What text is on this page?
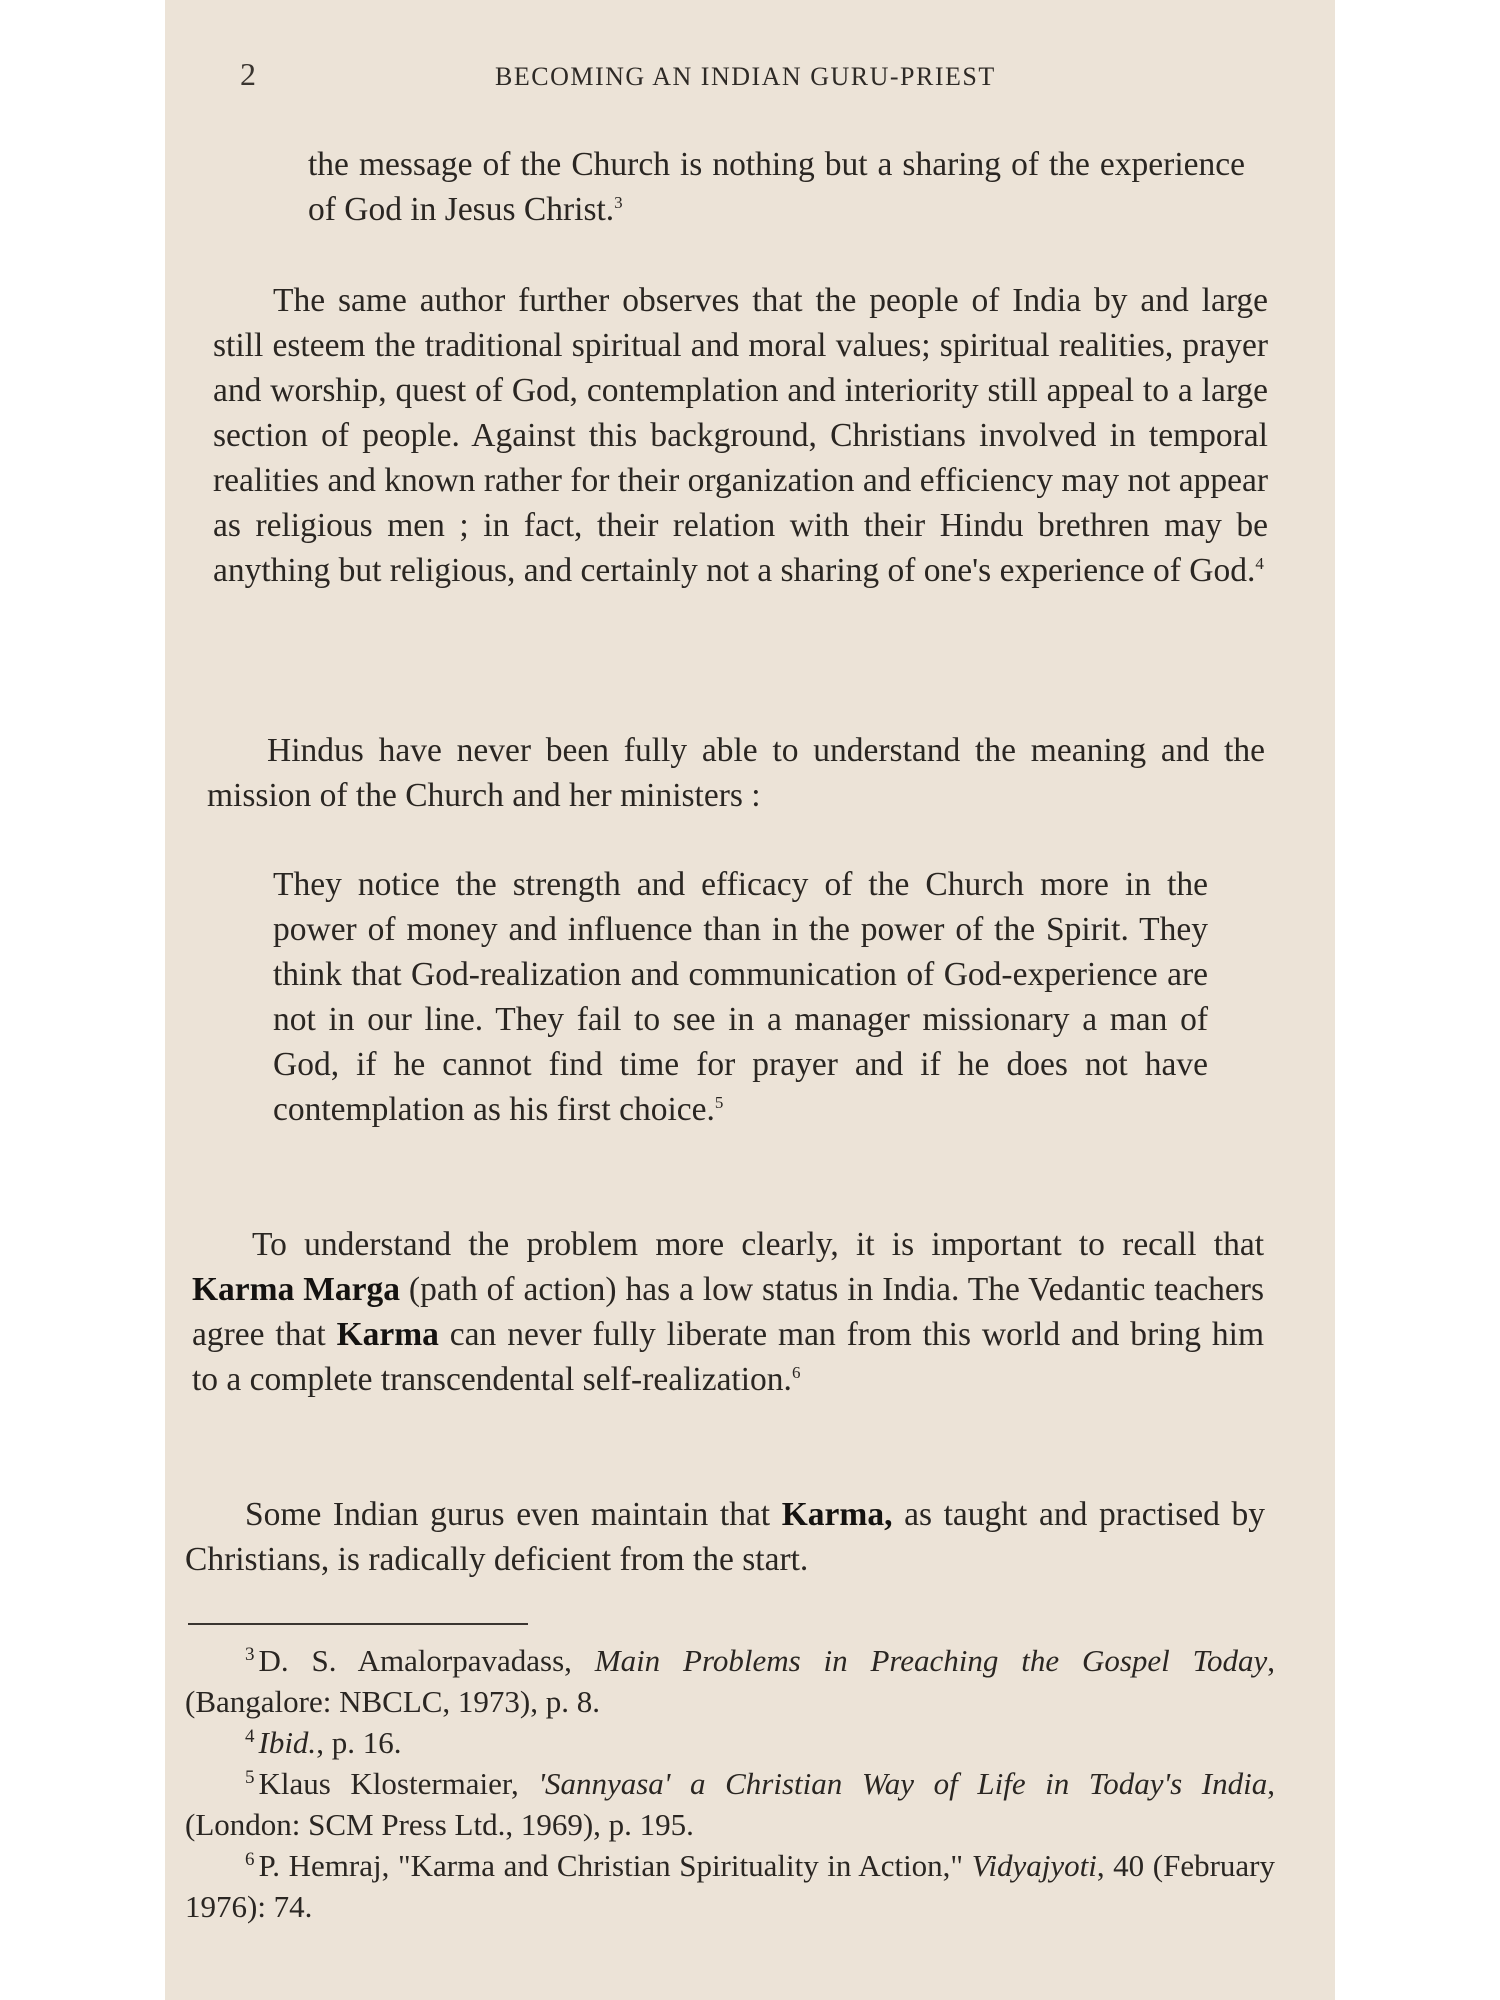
2	BECOMING AN INDIAN GURU-PRIEST

the message of the Church is nothing but a sharing of the experience of God in Jesus Christ.$^3$

The same author further observes that the people of India by and large still esteem the traditional spiritual and moral values; spiritual realities, prayer and worship, quest of God, contemplation and interiority still appeal to a large section of people. Against this background, Christians involved in temporal realities and known rather for their organization and efficiency may not appear as religious men ; in fact, their relation with their Hindu brethren may be anything but religious, and certainly not a sharing of one's experience of God.$^4$

Hindus have never been fully able to understand the meaning and the mission of the Church and her ministers :

They notice the strength and efficacy of the Church more in the power of money and influence than in the power of the Spirit. They think that God-realization and communication of God-experience are not in our line. They fail to see in a manager missionary a man of God, if he cannot find time for prayer and if he does not have contemplation as his first choice.$^5$

To understand the problem more clearly, it is important to recall that Karma Marga (path of action) has a low status in India. The Vedantic teachers agree that Karma can never fully liberate man from this world and bring him to a complete transcendental self-realization.$^6$

Some Indian gurus even maintain that Karma, as taught and practised by Christians, is radically deficient from the start.

$^3$ D. S. Amalorpavadass, Main Problems in Preaching the Gospel Today, (Bangalore: NBCLC, 1973), p. 8.

$^4$ Ibid., p. 16.

$^5$ Klaus Klostermaier, 'Sannyasa' a Christian Way of Life in Today's India, (London: SCM Press Ltd., 1969), p. 195.

$^6$ P. Hemraj, "Karma and Christian Spirituality in Action," Vidyajyoti, 40 (February 1976): 74.
